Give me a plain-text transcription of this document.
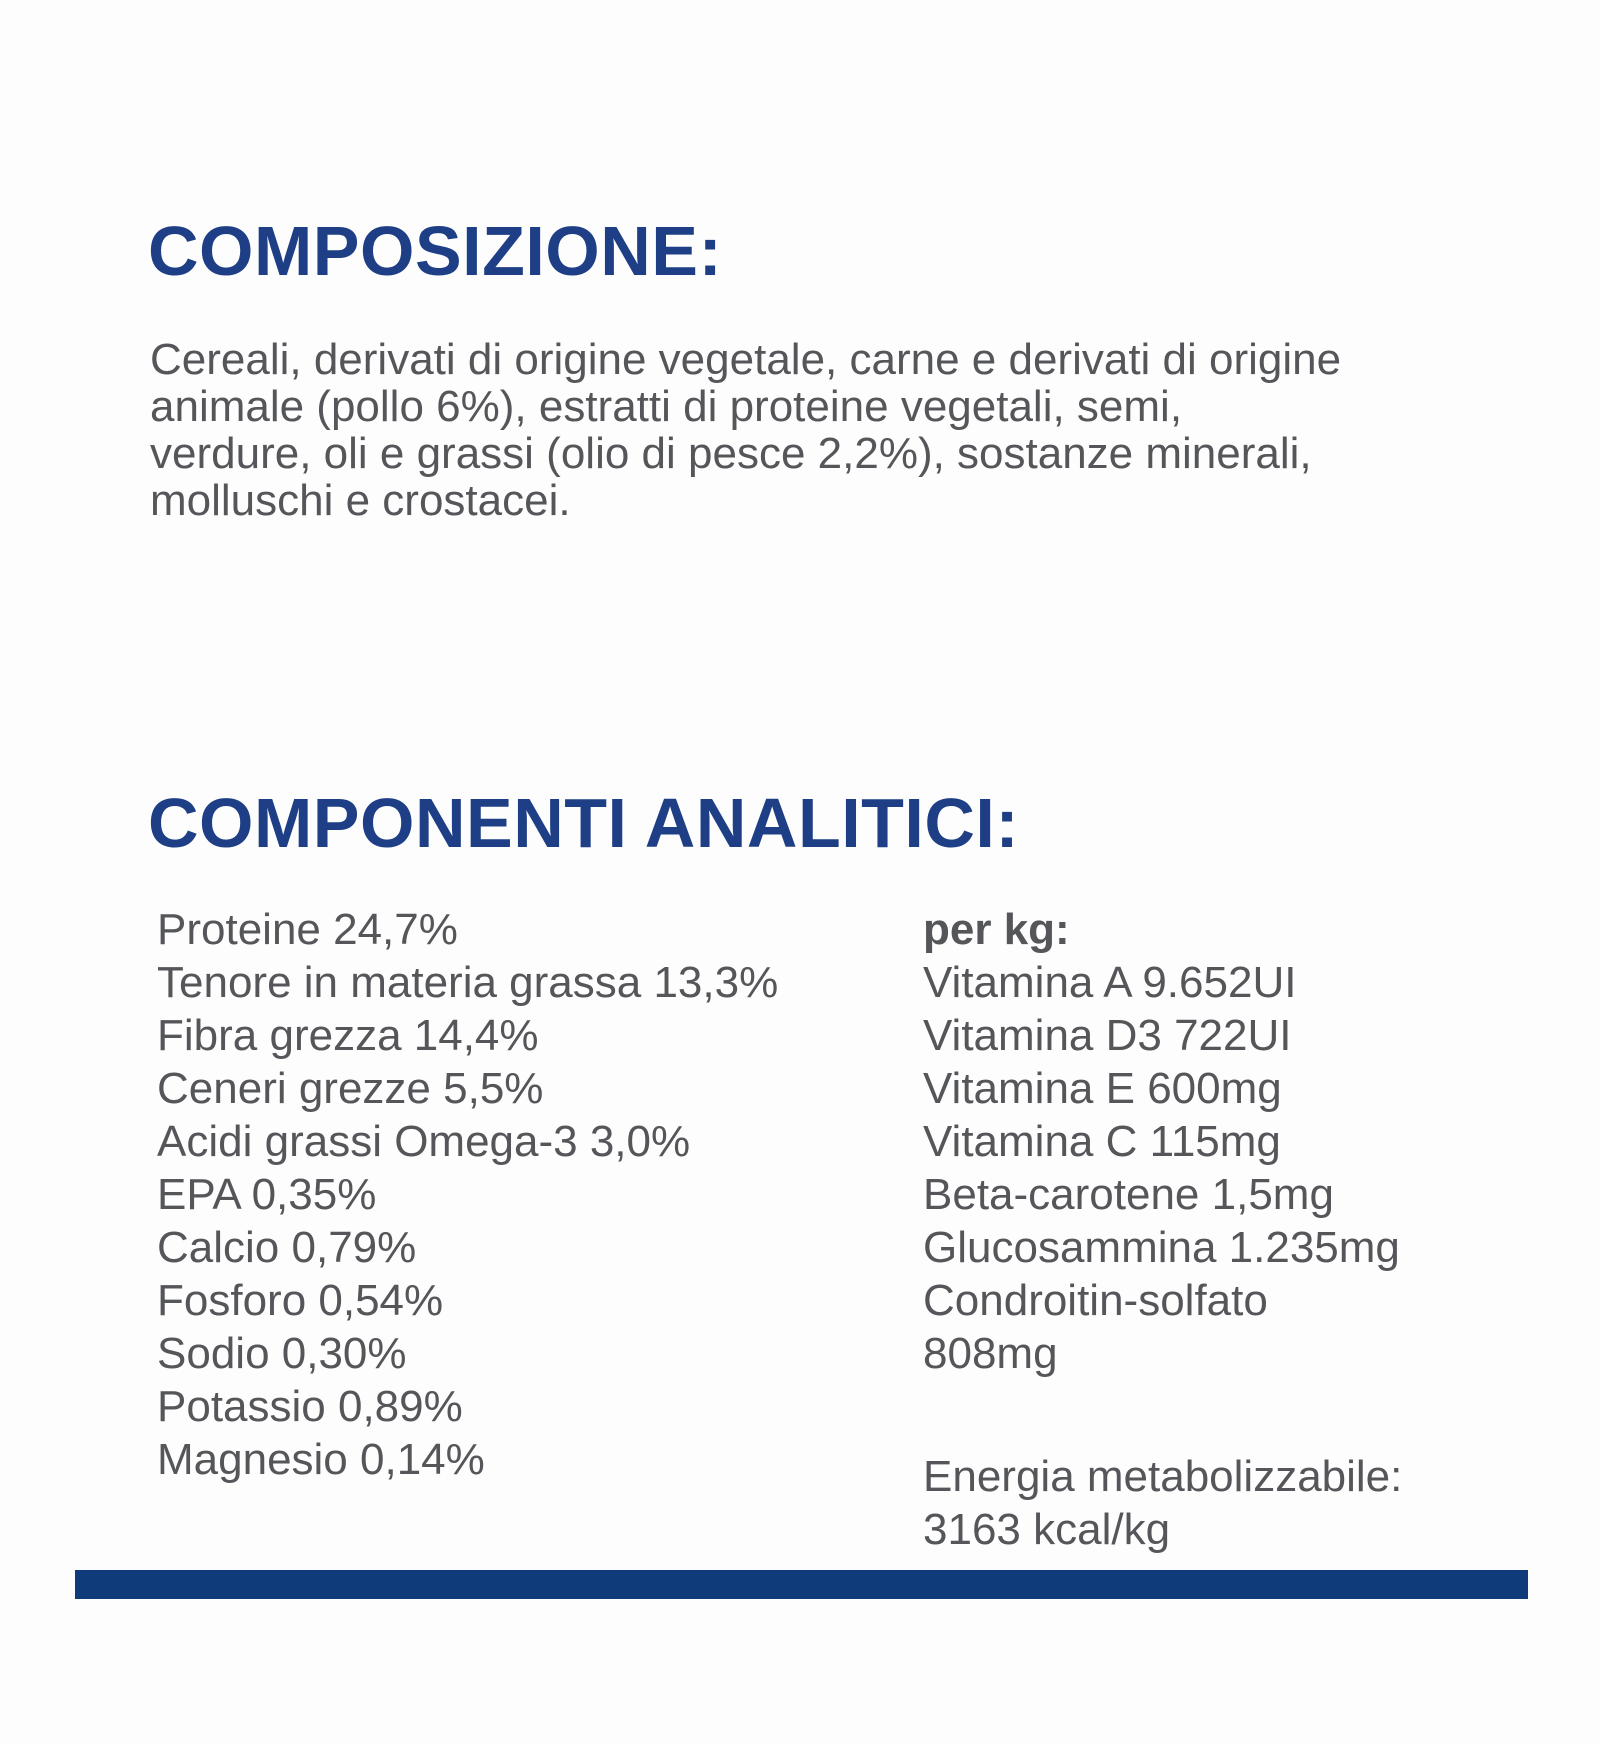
COMPOSIZIONE:

Cereali, derivati di origine vegetale, carne e derivati di origine animale (pollo 6%), estratti di proteine vegetali, semi, verdure, oli e grassi (olio di pesce 2,2%), sostanze minerali, molluschi e crostacei.

COMPONENTI ANALITICI:
Proteine 24,7%
Tenore in materia grassa 13,3%
Fibra grezza 14,4%
Ceneri grezze 5,5%
Acidi grassi Omega-3 3,0%
EPA 0,35%
Calcio 0,79%
Fosforo 0,54%
Sodio 0,30%
Potassio 0,89%
Magnesio 0,14%
per kg:
Vitamina A 9.652UI
Vitamina D3 722UI
Vitamina E 600mg
Vitamina C 115mg
Beta-carotene 1,5mg
Glucosammina 1.235mg
Condroitin-solfato
808mg
Energia metabolizzabile:
3163 kcal/kg
